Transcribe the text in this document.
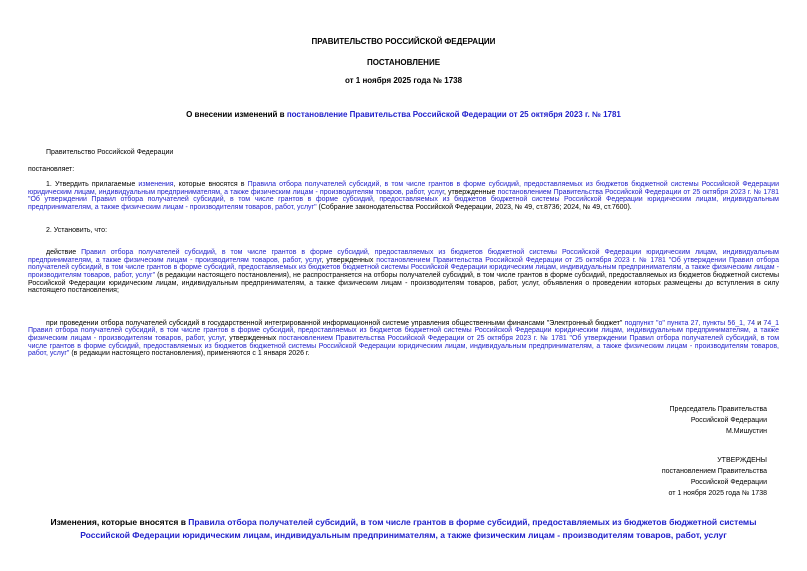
ПРАВИТЕЛЬСТВО РОССИЙСКОЙ ФЕДЕРАЦИИ

ПОСТАНОВЛЕНИЕ

от 1 ноября 2025 года № 1738

О внесении изменений в постановление Правительства Российской Федерации от 25 октября 2023 г. № 1781

Правительство Российской Федерации

постановляет:

1. Утвердить прилагаемые изменения, которые вносятся в Правила отбора получателей субсидий, в том числе грантов в форме субсидий, предоставляемых из бюджетов бюджетной системы Российской Федерации юридическим лицам, индивидуальным предпринимателям, а также физическим лицам - производителям товаров, работ, услуг, утвержденные постановлением Правительства Российской Федерации от 25 октября 2023 г. № 1781 "Об утверждении Правил отбора получателей субсидий, в том числе грантов в форме субсидий, предоставляемых из бюджетов бюджетной системы Российской Федерации юридическим лицам, индивидуальным предпринимателям, а также физическим лицам - производителям товаров, работ, услуг" (Собрание законодательства Российской Федерации, 2023, № 49, ст.8736; 2024, № 49, ст.7600).

2. Установить, что:

действие Правил отбора получателей субсидий, в том числе грантов в форме субсидий, предоставляемых из бюджетов бюджетной системы Российской Федерации юридическим лицам, индивидуальным предпринимателям, а также физическим лицам - производителям товаров, работ, услуг, утвержденных постановлением Правительства Российской Федерации от 25 октября 2023 г. № 1781 "Об утверждении Правил отбора получателей субсидий, в том числе грантов в форме субсидий, предоставляемых из бюджетов бюджетной системы Российской Федерации юридическим лицам, индивидуальным предпринимателям, а также физическим лицам - производителям товаров, работ, услуг" (в редакции настоящего постановления), не распространяется на отборы получателей субсидий, в том числе грантов в форме субсидий, предоставляемых из бюджетов бюджетной системы Российской Федерации юридическим лицам, индивидуальным предпринимателям, а также физическим лицам - производителям товаров, работ, услуг, объявления о проведении которых размещены до вступления в силу настоящего постановления;

при проведении отбора получателей субсидий в государственной интегрированной информационной системе управления общественными финансами "Электронный бюджет" подпункт "о" пункта 27, пункты 56_1, 74 и 74_1 Правил отбора получателей субсидий, в том числе грантов в форме субсидий, предоставляемых из бюджетов бюджетной системы Российской Федерации юридическим лицам, индивидуальным предпринимателям, а также физическим лицам - производителям товаров, работ, услуг, утвержденных постановлением Правительства Российской Федерации от 25 октября 2023 г. № 1781 "Об утверждении Правил отбора получателей субсидий, в том числе грантов в форме субсидий, предоставляемых из бюджетов бюджетной системы Российской Федерации юридическим лицам, индивидуальным предпринимателям, а также физическим лицам - производителям товаров, работ, услуг" (в редакции настоящего постановления), применяются с 1 января 2026 г.

Председатель Правительства

Российской Федерации

М.Мишустин

УТВЕРЖДЕНЫ

постановлением Правительства

Российской Федерации

от 1 ноября 2025 года № 1738

Изменения, которые вносятся в Правила отбора получателей субсидий, в том числе грантов в форме субсидий, предоставляемых из бюджетов бюджетной системы Российской Федерации юридическим лицам, индивидуальным предпринимателям, а также физическим лицам - производителям товаров, работ, услуг
